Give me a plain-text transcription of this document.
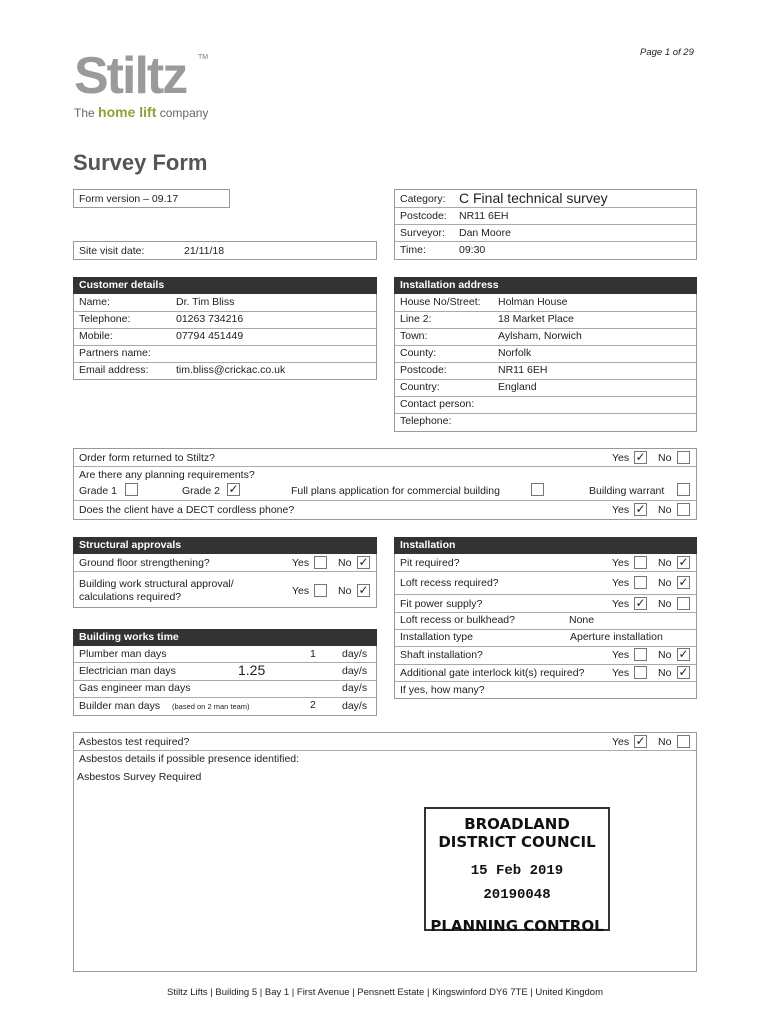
Page 1 of 29
Stiltz	TM
The home lift company
Survey Form
Form version – 09.17
Site visit date:	21/11/18
Category: C Final technical survey
Postcode: NR11 6EH
Surveyor: Dan Moore
Time:	09:30
Customer details
Name:	Dr. Tim Bliss
Telephone:	01263 734216
Mobile:	07794 451449
Partners name:
Email address:	tim.bliss@crickac.co.uk
Installation address
House No/Street: Holman House
Line 2:	18 Market Place
Town:	Aylsham, Norwich
County:	Norfolk
Postcode:	NR11 6EH
Country:	England
Contact person:
Telephone:
Order form returned to Stiltz?	Yes ✓ No
Are there any planning requirements?
Grade 1	Grade 2 ✓	Full plans application for commercial building	Building warrant
Does the client have a DECT cordless phone?	Yes ✓ No
Structural approvals
Ground floor strengthening?	Yes	No ✓
Building work structural approval/
calculations required?	Yes	No ✓
Building works time
Plumber man days	1 day/s
Electrician man days	1.25	day/s
Gas engineer man days	day/s
Builder man days (based on 2 man team)	2 day/s
Installation
Pit required?	Yes	No ✓
Loft recess required?	Yes	No ✓
Fit power supply?	Yes ✓ No
Loft recess or bulkhead?	None
Installation type	Aperture installation
Shaft installation?	Yes	No ✓
Additional gate interlock kit(s) required?	Yes	No ✓
If yes, how many?
Asbestos test required?	Yes ✓ No
Asbestos details if possible presence identified:
Asbestos Survey Required
BROADLAND
DISTRICT COUNCIL
15 Feb 2019
20190048
PLANNING CONTROL
Stiltz Lifts | Building 5 | Bay 1 | First Avenue | Pensnett Estate | Kingswinford DY6 7TE | United Kingdom
